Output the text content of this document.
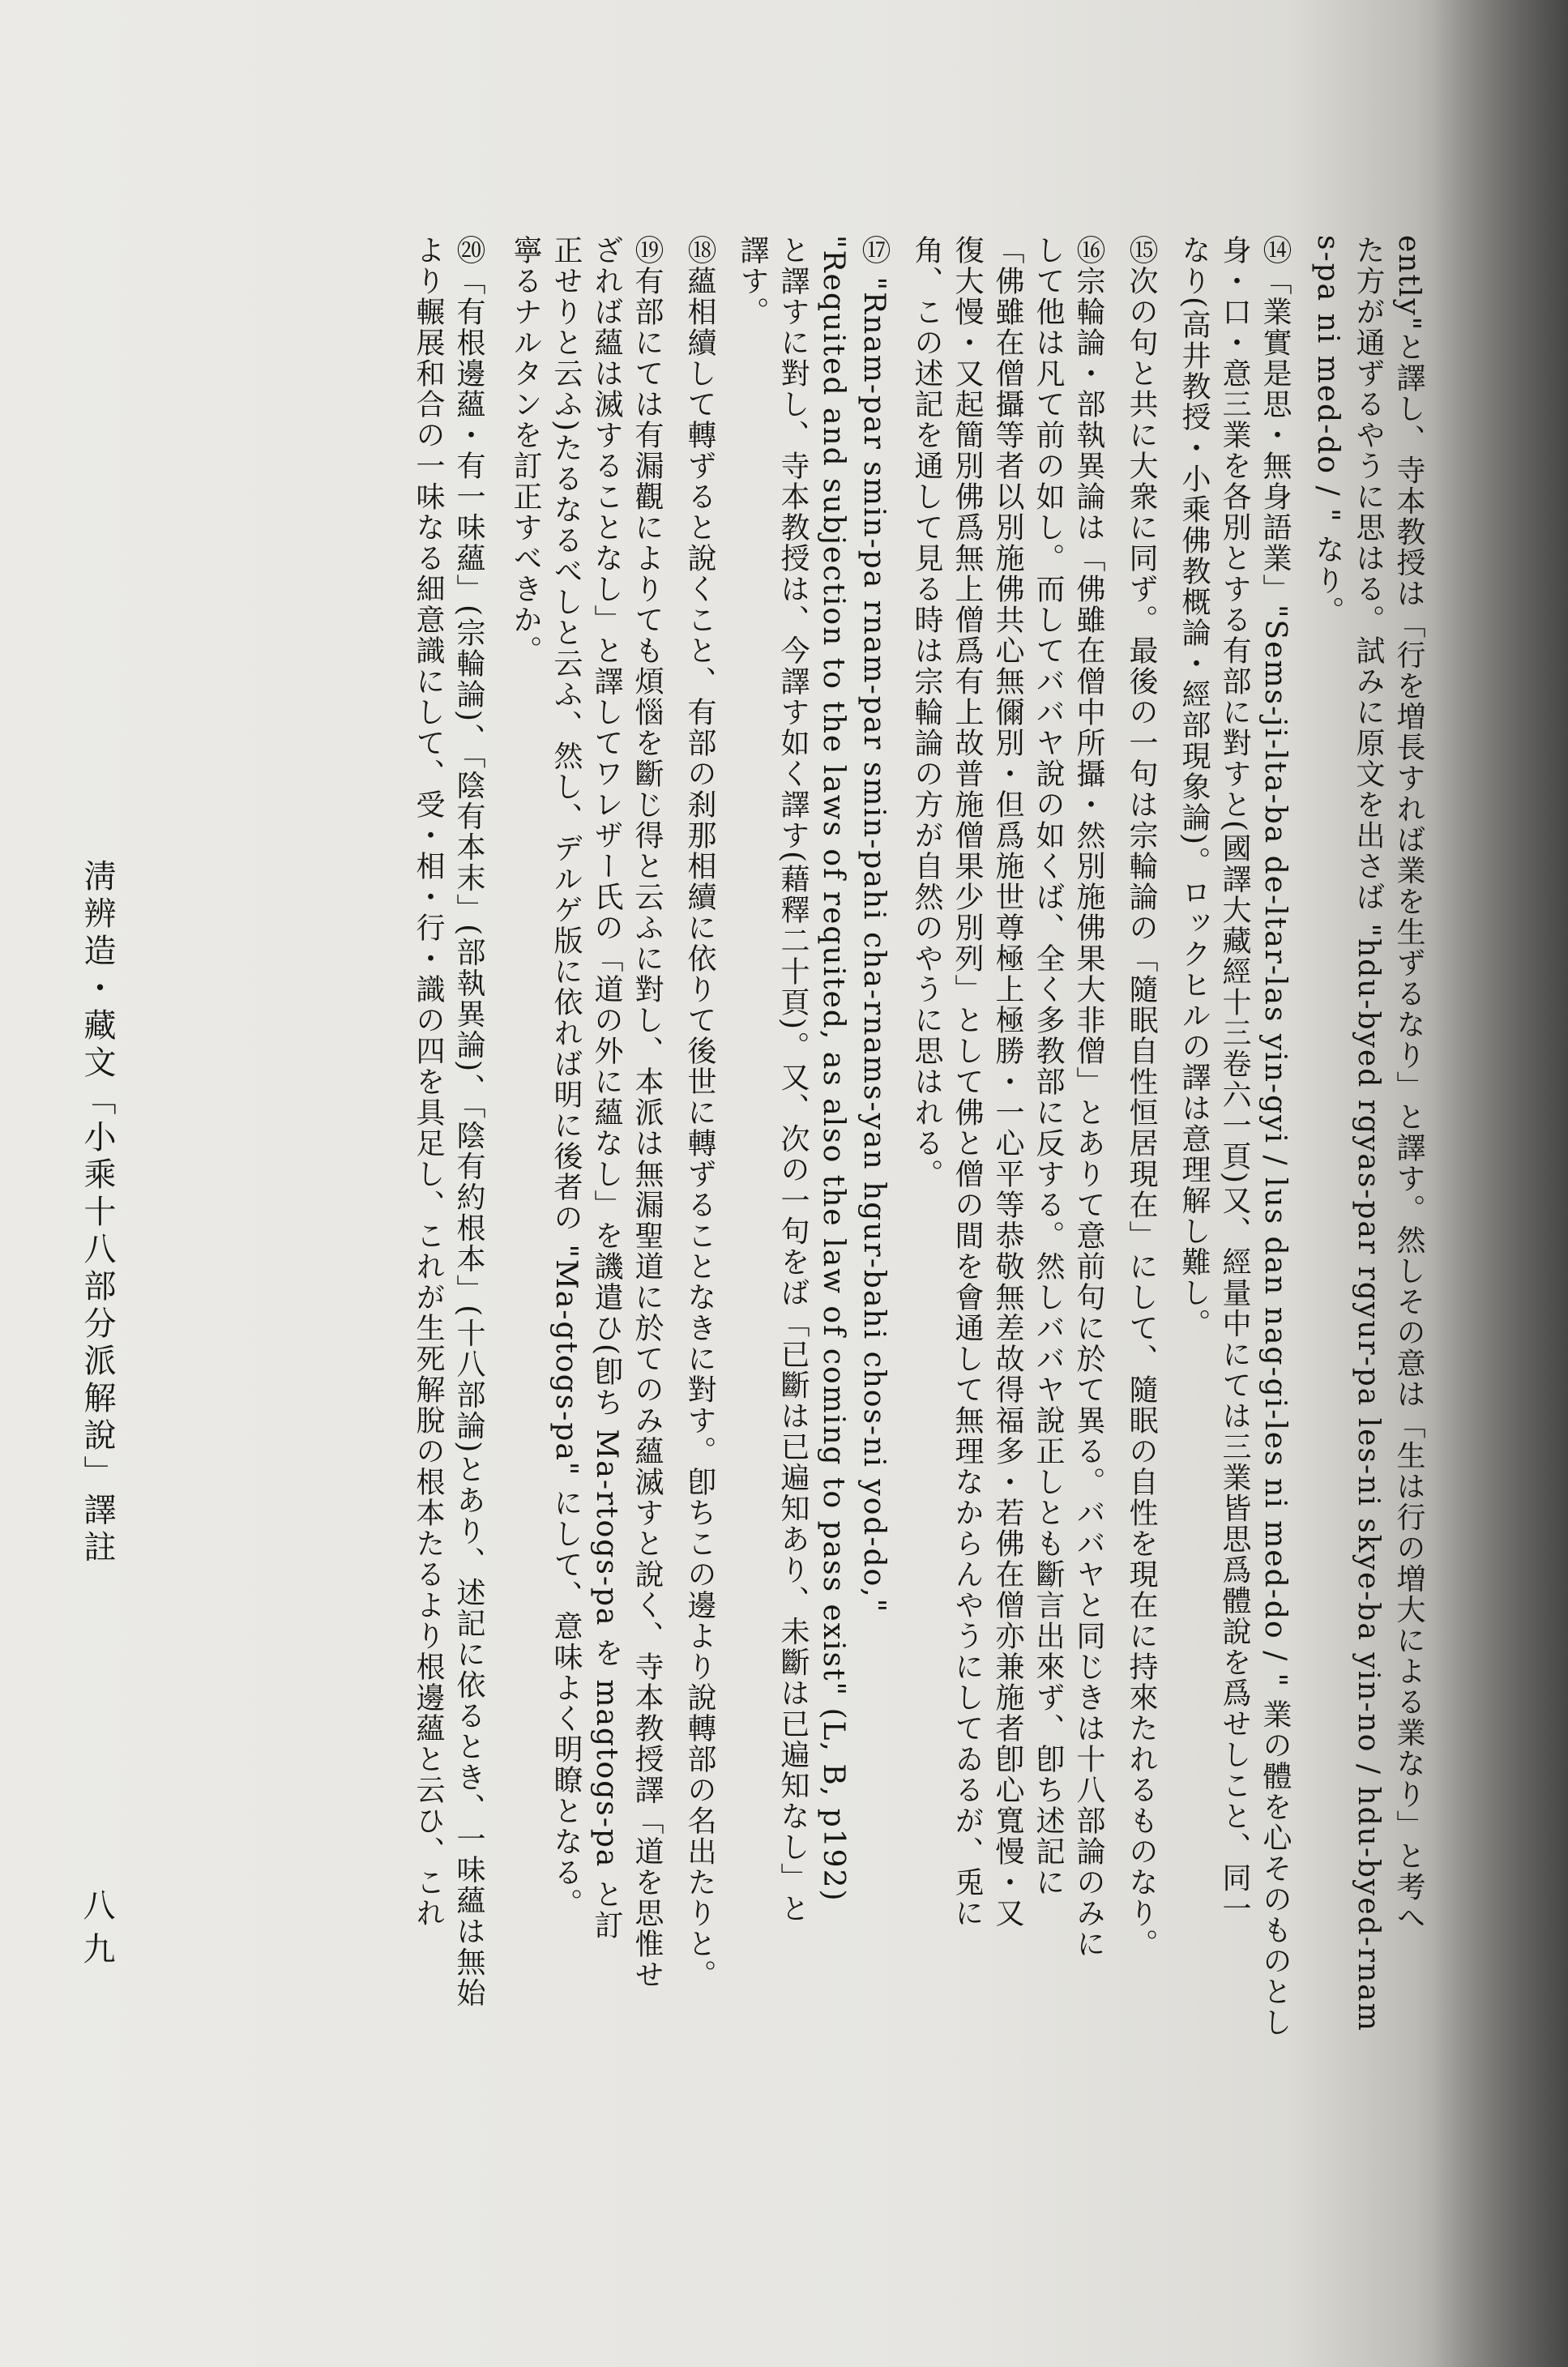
ently"と譯し、寺本教授は「行を増長すれば業を生ずるなり」と譯す。然しその意は「生は行の増大による業なり」と考へ
た方が通ずるやうに思はる。試みに原文を出さば "hdu-byed rgyas-par rgyur-pa les-ni skye-ba yin-no / hdu-byed-rnam
s-pa ni med-do / " なり。
⑭「業實是思・無身語業」"Sems-ji-lta-ba de-ltar-las yin-gyi / lus dan nag-gi-les ni med-do / " 業の體を心そのものとし
身・口・意三業を各別とする有部に對すと(國譯大藏經十三卷六一頁)又、經量中にては三業皆思爲體說を爲せしこと、同一
なり(高井教授・小乘佛教概論・經部現象論)。ロックヒルの譯は意理解し難し。
⑮次の句と共に大衆に同ず。最後の一句は宗輪論の「隨眠自性恒居現在」にして、隨眠の自性を現在に持來たれるものなり。
⑯宗輪論・部執異論は「佛雖在僧中所攝・然別施佛果大非僧」とありて意前句に於て異る。ババヤと同じきは十八部論のみに
して他は凡て前の如し。而してババヤ說の如くば、全く多教部に反する。然しババヤ說正しとも斷言出來ず、卽ち述記に
「佛雖在僧攝等者以別施佛共心無儞別・但爲施世尊極上極勝・一心平等恭敬無差故得福多・若佛在僧亦兼施者卽心寬慢・又
復大慢・又起簡別佛爲無上僧爲有上故普施僧果少別列」として佛と僧の間を會通して無理なからんやうにしてゐるが、兎に
角、この述記を通して見る時は宗輪論の方が自然のやうに思はれる。
⑰ "Rnam-par smin-pa rnam-par smin-pahi cha-rnams-yan hgur-bahi chos-ni yod-do,"
"Requited and subjection to the laws of requited, as also the law of coming to pass exist" (L, B, p192)
と譯すに對し、寺本教授は、今譯す如く譯す(藉釋二十頁)。又、次の一句をば「已斷は已遍知あり、未斷は已遍知なし」と
譯す。
⑱蘊相續して轉ずると說くこと、有部の刹那相續に依りて後世に轉ずることなきに對す。卽ちこの邊より說轉部の名出たりと。
⑲有部にては有漏觀によりても煩惱を斷じ得と云ふに對し、本派は無漏聖道に於てのみ蘊滅すと說く、寺本教授譯「道を思惟せ
ざれば蘊は滅することなし」と譯してワレザー氏の「道の外に蘊なし」を譏遣ひ(卽ち Ma-rtogs-pa を magtogs-pa と訂
正せりと云ふ)たるなるべしと云ふ、然し、デルゲ版に依れば明に後者の "Ma-gtogs-pa" にして、意味よく明瞭となる。
寧るナルタンを訂正すべきか。
⑳「有根邊蘊・有一味蘊」(宗輪論)、「陰有本末」(部執異論)、「陰有約根本」(十八部論)とあり、述記に依るとき、一味蘊は無始
より輾展和合の一味なる細意識にして、受・相・行・識の四を具足し、これが生死解脫の根本たるより根邊蘊と云ひ、これ
淸辨造・藏文「小乘十八部分派解說」譯註
八九
